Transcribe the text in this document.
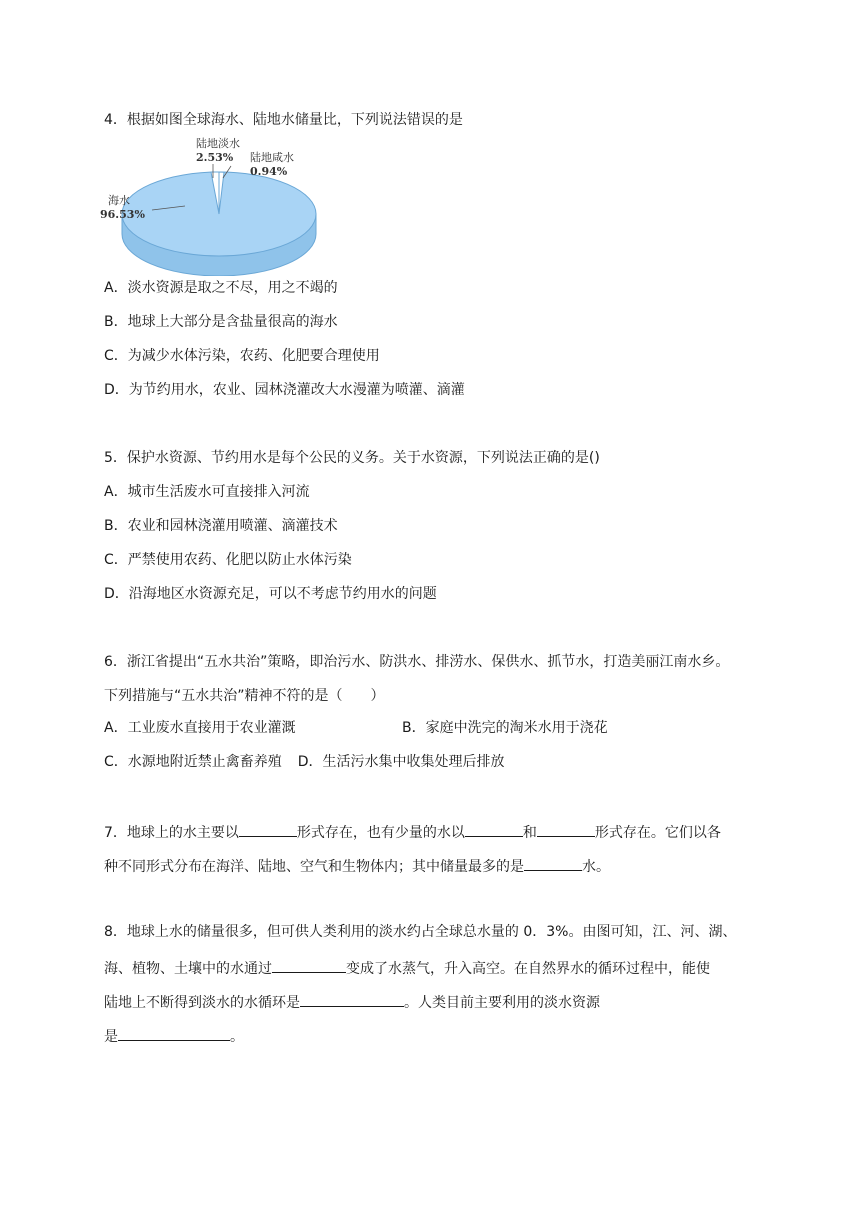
4．根据如图全球海水、陆地水储量比，下列说法错误的是
陆地淡水
2.53% 陆地咸水
0.94%
海水
96.53%
A．淡水资源是取之不尽，用之不竭的
B．地球上大部分是含盐量很高的海水
C．为减少水体污染，农药、化肥要合理使用
D．为节约用水，农业、园林浇灌改大水漫灌为喷灌、滴灌
5．保护水资源、节约用水是每个公民的义务。关于水资源，下列说法正确的是()
A．城市生活废水可直接排入河流
B．农业和园林浇灌用喷灌、滴灌技术
C．严禁使用农药、化肥以防止水体污染
D．沿海地区水资源充足，可以不考虑节约用水的问题
6．浙江省提出“五水共治”策略，即治污水、防洪水、排涝水、保供水、抓节水，打造美丽江南水乡。
下列措施与“五水共治”精神不符的是（　　）
A．工业废水直接用于农业灌溉	B．家庭中洗完的淘米水用于浇花
C．水源地附近禁止禽畜养殖 D．生活污水集中收集处理后排放
7．地球上的水主要以	形式存在，也有少量的水以	和	形式存在。它们以各
种不同形式分布在海洋、陆地、空气和生物体内；其中储量最多的是	水。
8．地球上水的储量很多，但可供人类利用的淡水约占全球总水量的 0．3%。由图可知，江、河、湖、
海、植物、土壤中的水通过	变成了水蒸气，升入高空。在自然界水的循环过程中，能使
陆地上不断得到淡水的水循环是	。人类目前主要利用的淡水资源
是	。
